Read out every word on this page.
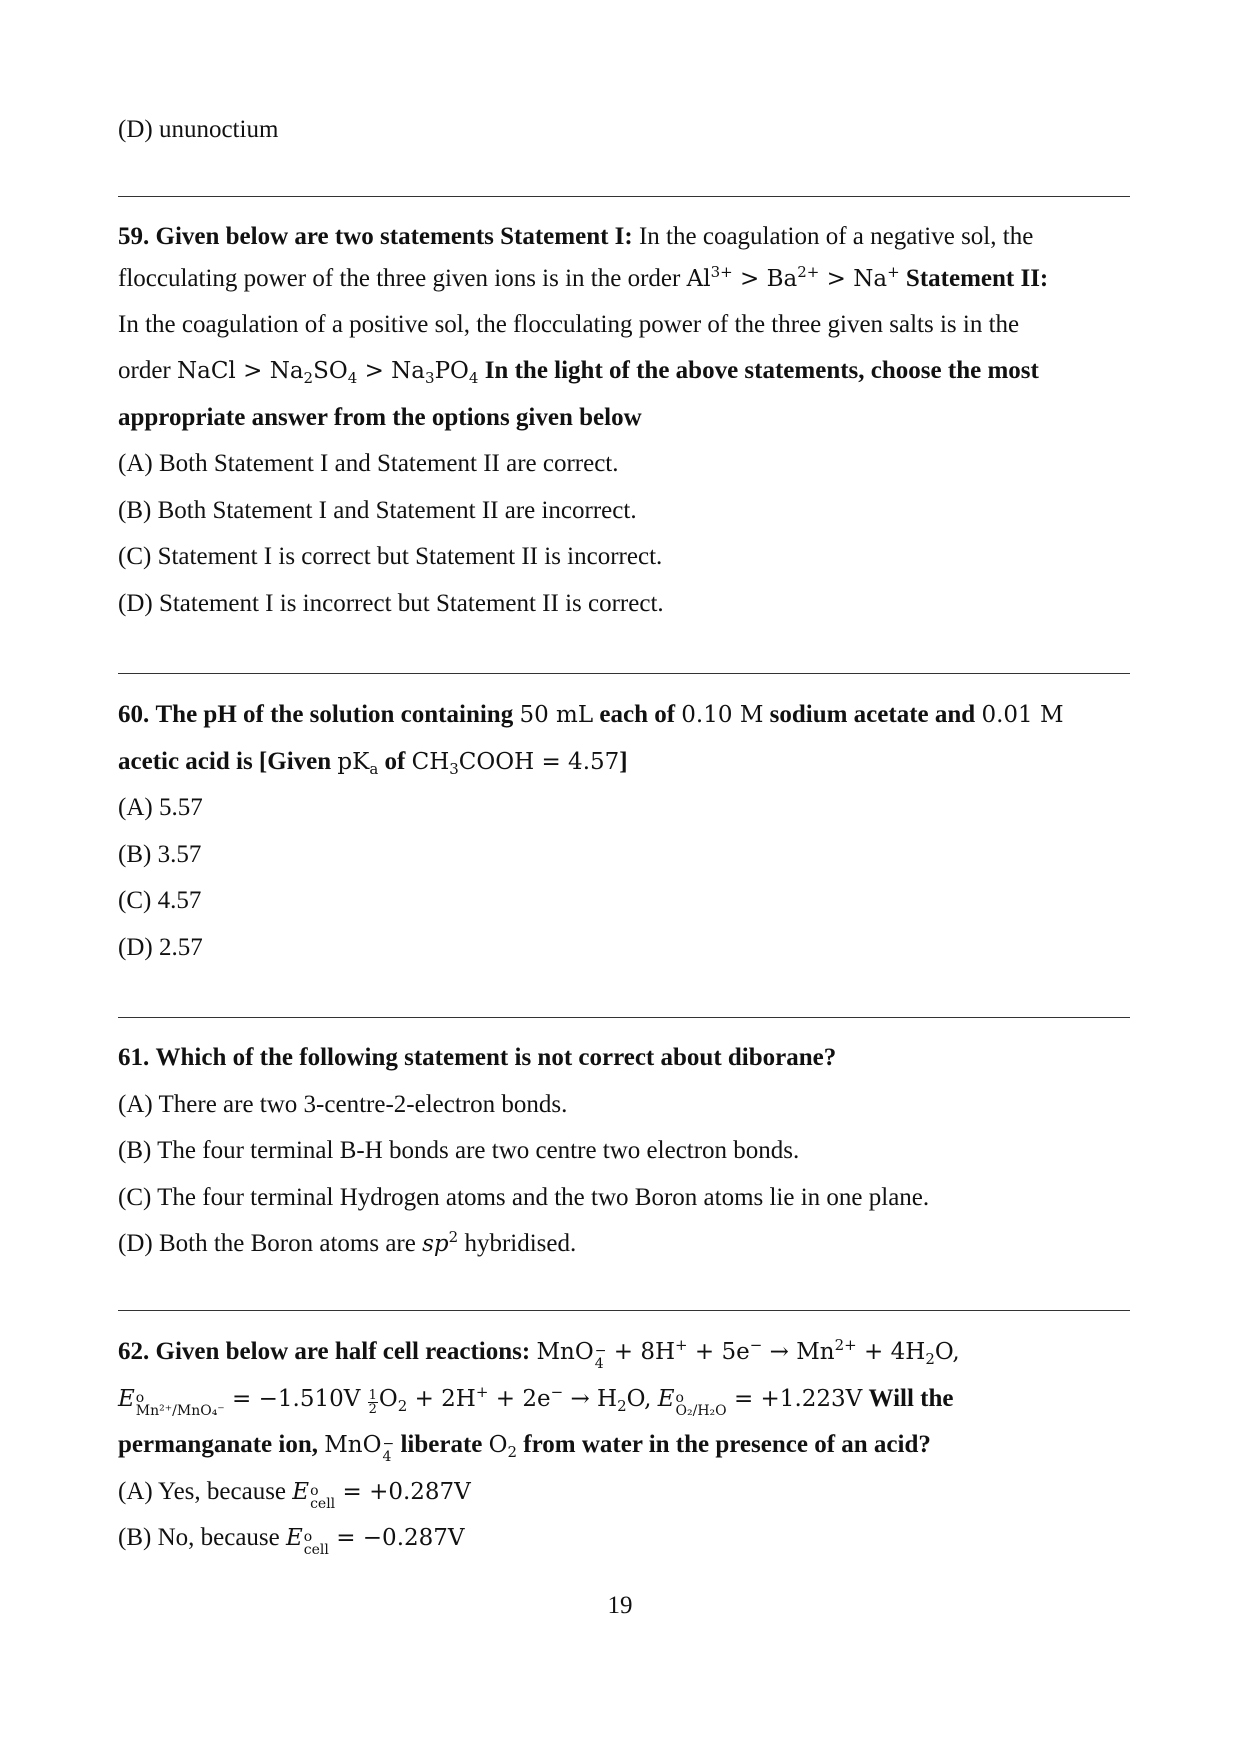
(D) ununoctium
59. Given below are two statements Statement I: In the coagulation of a negative sol, the
flocculating power of the three given ions is in the order $Al^{3+} > Ba^{2+} > Na^+$ Statement II:
In the coagulation of a positive sol, the flocculating power of the three given salts is in the
order NaCl > $Na_2SO_4 > Na_3PO_4$ In the light of the above statements, choose the most
appropriate answer from the options given below
(A) Both Statement I and Statement II are correct.
(B) Both Statement I and Statement II are incorrect.
(C) Statement I is correct but Statement II is incorrect.
(D) Statement I is incorrect but Statement II is correct.
60. The pH of the solution containing 50 mL each of 0.10 M sodium acetate and 0.01 M
acetic acid is [Given $pK_a$ of $CH_3COOH = 4.57$]
(A) 5.57
(B) 3.57
(C) 4.57
(D) 2.57
61. Which of the following statement is not correct about diborane?
(A) There are two 3-centre-2-electron bonds.
(B) The four terminal B-H bonds are two centre two electron bonds.
(C) The four terminal Hydrogen atoms and the two Boron atoms lie in one plane.
(D) Both the Boron atoms are $sp^2$ hybridised.
62. Given below are half cell reactions: MnO −
$4 + 8H^+ + 5e^- \to Mn^{2+} + 4H_2O$,
E o
$Mn^{2+}/MnO_4^- = -1.510V \frac{1}{2} O_2 + 2H^+ + 2e^- \to H_2O$, E o
O₂/H₂O = +1.223V Will the
permanganate ion, MnO −
4 liberate $O_2$ from water in the presence of an acid?
(A) Yes, because E o
cell = +0.287V
(B) No, because E o
cell = −0.287V
19
